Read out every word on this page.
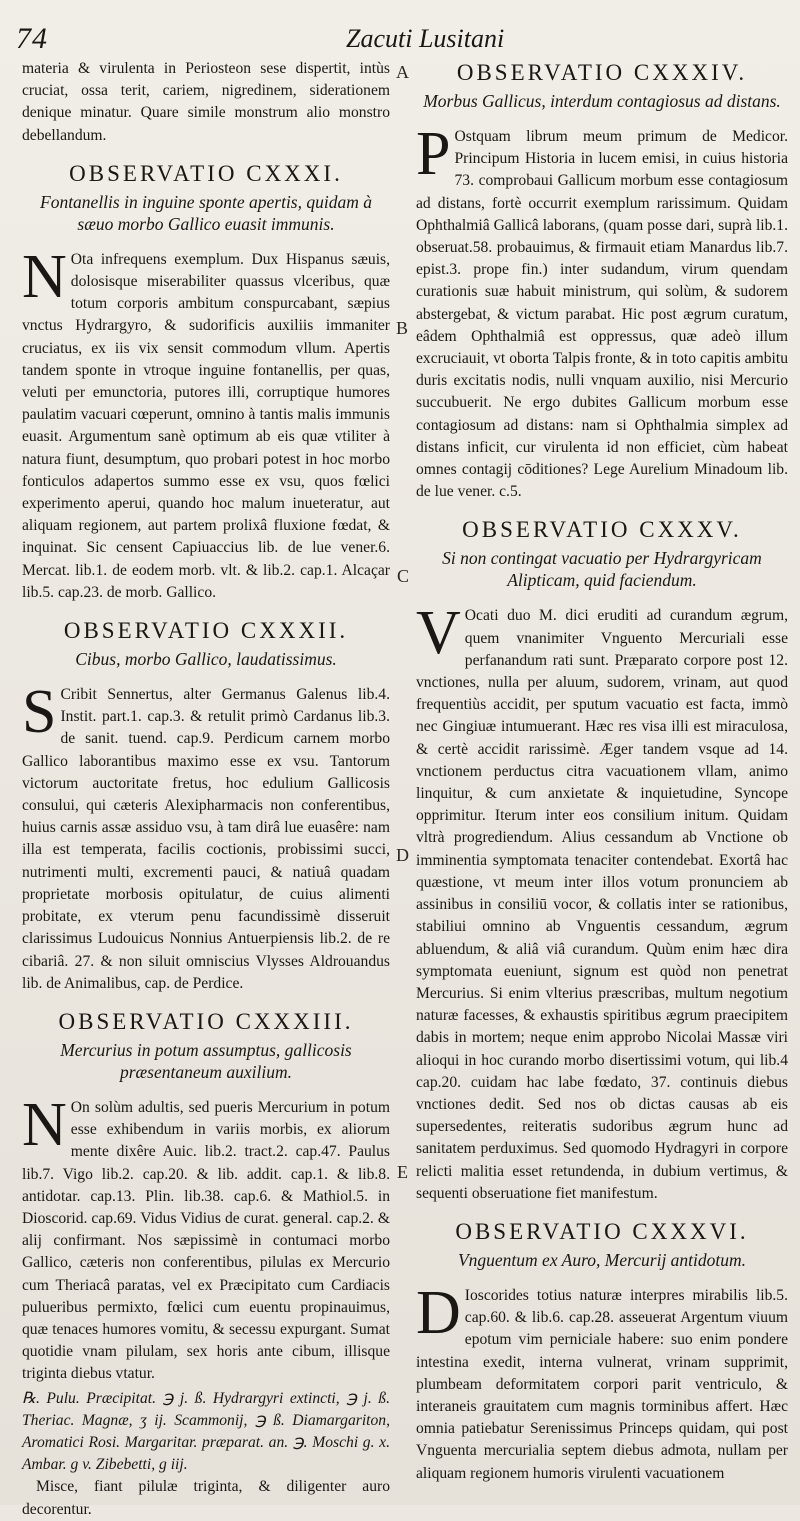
74	Zacuti Lusitani
A
B
C
D
E

materia & virulenta in Periosteon sese dispertit, intùs cruciat, ossa terit, cariem, nigredinem, siderationem denique minatur. Quare simile monstrum alio monstro debellandum.

OBSERVATIO CXXXI.
Fontanellis in inguine sponte apertis, quidam à sæuo morbo Gallico euasit immunis.

N Ota infrequens exemplum. Dux Hispanus sæuis, dolosisque miserabiliter quassus vlceribus, quæ totum corporis ambitum conspurcabant, sæpius vnctus Hydrargyro, & sudorificis auxiliis immaniter cruciatus, ex iis vix sensit commodum vllum. Apertis tandem sponte in vtroque inguine fontanellis, per quas, veluti per emunctoria, putores illi, corruptique humores paulatim vacuari cœperunt, omnino à tantis malis immunis euasit. Argumentum sanè optimum ab eis quæ vtiliter à natura fiunt, desumptum, quo probari potest in hoc morbo fonticulos adapertos summo esse ex vsu, quos fœlici experimento aperui, quando hoc malum inueteratur, aut aliquam regionem, aut partem prolixâ fluxione fœdat, & inquinat. Sic censent Capiuaccius lib. de lue vener.6. Mercat. lib.1. de eodem morb. vlt. & lib.2. cap.1. Alcaçar lib.5. cap.23. de morb. Gallico.

OBSERVATIO CXXXII.
Cibus, morbo Gallico, laudatissimus.

S Cribit Sennertus, alter Germanus Galenus lib.4. Instit. part.1. cap.3. & retulit primò Cardanus lib.3. de sanit. tuend. cap.9. Perdicum carnem morbo Gallico laborantibus maximo esse ex vsu. Tantorum victorum auctoritate fretus, hoc edulium Gallicosis consului, qui cæteris Alexipharmacis non conferentibus, huius carnis assæ assiduo vsu, à tam dirâ lue euasêre: nam illa est temperata, facilis coctionis, probissimi succi, nutrimenti multi, excrementi pauci, & natiuâ quadam proprietate morbosis opitulatur, de cuius alimenti probitate, ex vterum penu facundissimè disseruit clarissimus Ludouicus Nonnius Antuerpiensis lib.2. de re cibariâ. 27. & non siluit omniscius Vlysses Aldrouandus lib. de Animalibus, cap. de Perdice.

OBSERVATIO CXXXIII.
Mercurius in potum assumptus, gallicosis præsentaneum auxilium.

N On solùm adultis, sed pueris Mercurium in potum esse exhibendum in variis morbis, ex aliorum mente dixêre Auic. lib.2. tract.2. cap.47. Paulus lib.7. Vigo lib.2. cap.20. & lib. addit. cap.1. & lib.8. antidotar. cap.13. Plin. lib.38. cap.6. & Mathiol.5. in Dioscorid. cap.69. Vidus Vidius de curat. general. cap.2. & alij confirmant. Nos sæpissimè in contumaci morbo Gallico, cæteris non conferentibus, pilulas ex Mercurio cum Theriacâ paratas, vel ex Præcipitato cum Cardiacis pulueribus permixto, fœlici cum euentu propinauimus, quæ tenaces humores vomitu, & secessu expurgant. Sumat quotidie vnam pilulam, sex horis ante cibum, illisque triginta diebus vtatur.

℞. Pulu. Præcipitat. ℈ j. ß. Hydrargyri extincti, ℈ j. ß. Theriac. Magnæ, ʒ ij. Scammonij, ℈ ß. Diamargariton, Aromatici Rosi. Margaritar. præparat. an. ℈. Moschi g. x. Ambar. g v. Zibebetti, g iij.

Misce, fiant pilulæ triginta, & diligenter auro decorentur.

OBSERVATIO CXXXIV.
Morbus Gallicus, interdum contagiosus ad distans.

P Ostquam librum meum primum de Medicor. Principum Historia in lucem emisi, in cuius historia 73. comprobaui Gallicum morbum esse contagiosum ad distans, fortè occurrit exemplum rarissimum. Quidam Ophthalmiâ Gallicâ laborans, (quam posse dari, suprà lib.1. obseruat.58. probauimus, & firmauit etiam Manardus lib.7. epist.3. prope fin.) inter sudandum, virum quendam curationis suæ habuit ministrum, qui solùm, & sudorem abstergebat, & victum parabat. Hic post ægrum curatum, eâdem Ophthalmiâ est oppressus, quæ adeò illum excruciauit, vt oborta Talpis fronte, & in toto capitis ambitu duris excitatis nodis, nulli vnquam auxilio, nisi Mercurio succubuerit. Ne ergo dubites Gallicum morbum esse contagiosum ad distans: nam si Ophthalmia simplex ad distans inficit, cur virulenta id non efficiet, cùm habeat omnes contagij cōditiones? Lege Aurelium Minadoum lib. de lue vener. c.5.

OBSERVATIO CXXXV.
Si non contingat vacuatio per Hydrargyricam Alipticam, quid faciendum.

V Ocati duo M. dici eruditi ad curandum ægrum, quem vnanimiter Vnguento Mercuriali esse perfanandum rati sunt. Præparato corpore post 12. vnctiones, nulla per aluum, sudorem, vrinam, aut quod frequentiùs accidit, per sputum vacuatio est facta, immò nec Gingiuæ intumuerant. Hæc res visa illi est miraculosa, & certè accidit rarissimè. Æger tandem vsque ad 14. vnctionem perductus citra vacuationem vllam, animo linquitur, & cum anxietate & inquietudine, Syncope opprimitur. Iterum inter eos consilium initum. Quidam vltrà progrediendum. Alius cessandum ab Vnctione ob imminentia symptomata tenaciter contendebat. Exortâ hac quæstione, vt meum inter illos votum pronunciem ab assinibus in consiliū vocor, & collatis inter se rationibus, stabiliui omnino ab Vnguentis cessandum, ægrum abluendum, & aliâ viâ curandum. Quùm enim hæc dira symptomata eueniunt, signum est quòd non penetrat Mercurius. Si enim vlterius præscribas, multum negotium naturæ facesses, & exhaustis spiritibus ægrum praecipitem dabis in mortem; neque enim approbo Nicolai Massæ viri alioqui in hoc curando morbo disertissimi votum, qui lib.4 cap.20. cuidam hac labe fœdato, 37. continuis diebus vnctiones dedit. Sed nos ob dictas causas ab eis supersedentes, reiteratis sudoribus ægrum hunc ad sanitatem perduximus. Sed quomodo Hydragyri in corpore relicti malitia esset retundenda, in dubium vertimus, & sequenti obseruatione fiet manifestum.

OBSERVATIO CXXXVI.
Vnguentum ex Auro, Mercurij antidotum.

D Ioscorides totius naturæ interpres mirabilis lib.5. cap.60. & lib.6. cap.28. asseuerat Argentum viuum epotum vim perniciale habere: suo enim pondere intestina exedit, interna vulnerat, vrinam supprimit, plumbeam deformitatem corpori parit ventriculo, & interaneis grauitatem cum magnis torminibus affert. Hæc omnia patiebatur Serenissimus Princeps quidam, qui post Vnguenta mercurialia septem diebus admota, nullam per aliquam regionem humoris virulenti vacuationem
